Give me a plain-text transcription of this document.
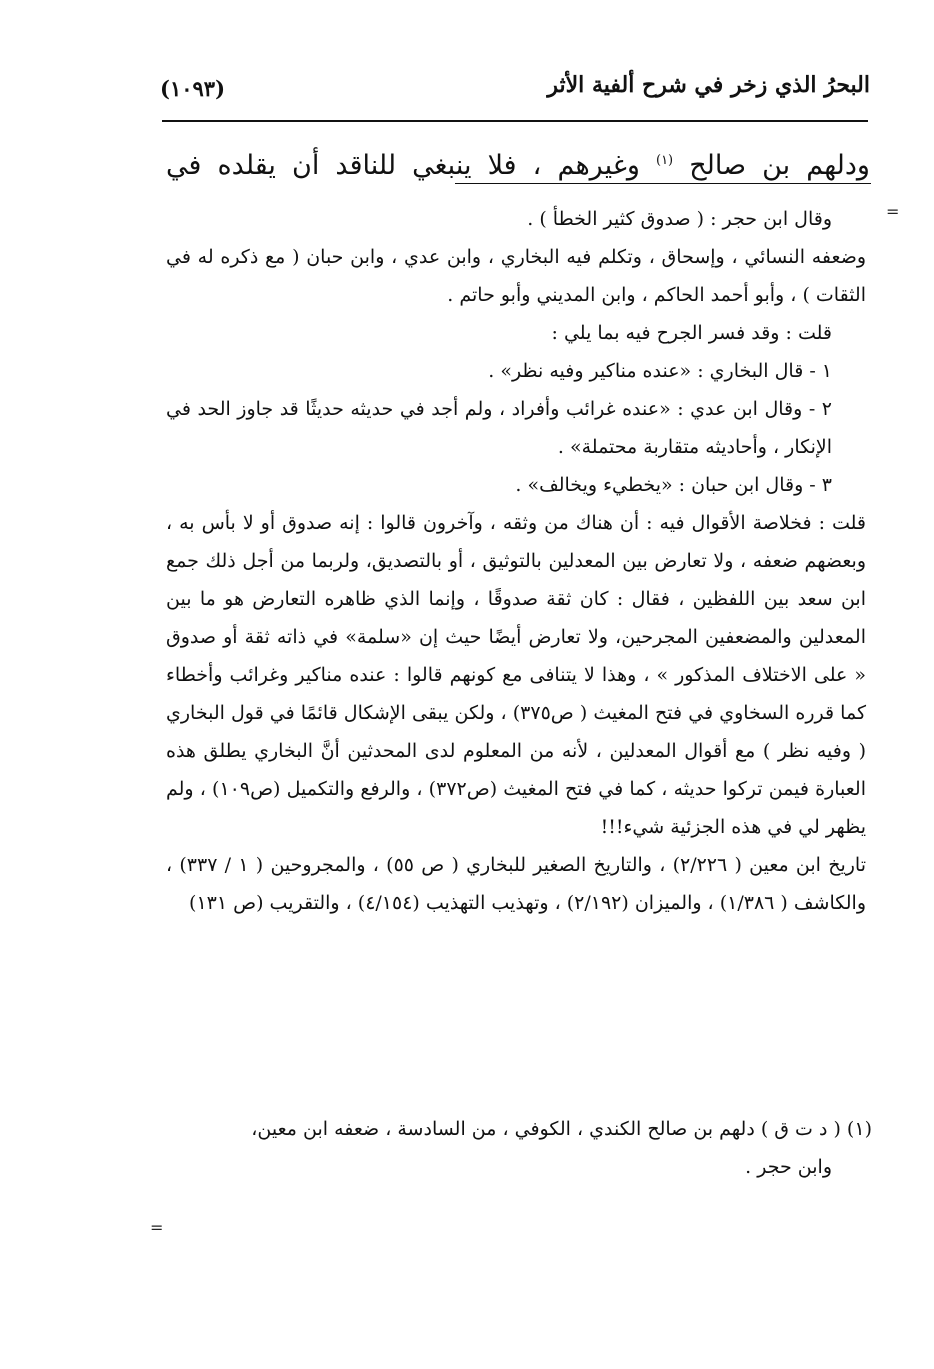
البحرُ الذي زخر في شرح ألفية الأثر
(١٠٩٣)
ودلهم بن صالح $^{(١)}$ وغيرهم ، فلا ينبغي للناقد أن يقلده في

وقال ابن حجر : ( صدوق كثير الخطأ ) .

وضعفه النسائي ، وإسحاق ، وتكلم فيه البخاري ، وابن عدي ، وابن حبان ( مع ذكره له في الثقات ) ، وأبو أحمد الحاكم ، وابن المديني وأبو حاتم .

قلت : وقد فسر الجرح فيه بما يلي :

١ - قال البخاري : «عنده مناكير وفيه نظر» .

٢ - وقال ابن عدي : «عنده غرائب وأفراد ، ولم أجد في حديثه حديثًا قد جاوز الحد في الإنكار ، وأحاديثه متقاربة محتملة» .

٣ - وقال ابن حبان : «يخطيء ويخالف» .

قلت : فخلاصة الأقوال فيه : أن هناك من وثقه ، وآخرون قالوا : إنه صدوق أو لا بأس به ، وبعضهم ضعفه ، ولا تعارض بين المعدلين بالتوثيق ، أو بالتصديق، ولربما من أجل ذلك جمع ابن سعد بين اللفظين ، فقال : كان ثقة صدوقًا ، وإنما الذي ظاهره التعارض هو ما بين المعدلين والمضعفين المجرحين، ولا تعارض أيضًا حيث إن «سلمة» في ذاته ثقة أو صدوق « على الاختلاف المذكور » ، وهذا لا يتنافى مع كونهم قالوا : عنده مناكير وغرائب وأخطاء كما قرره السخاوي في فتح المغيث ( ص٣٧٥) ، ولكن يبقى الإشكال قائمًا في قول البخاري ( وفيه نظر ) مع أقوال المعدلين ، لأنه من المعلوم لدى المحدثين أنَّ البخاري يطلق هذه العبارة فيمن تركوا حديثه ، كما في فتح المغيث (ص٣٧٢) ، والرفع والتكميل (ص١٠٩) ، ولم يظهر لي في هذه الجزئية شيء!!!

تاريخ ابن معين ( ٢/٢٢٦) ، والتاريخ الصغير للبخاري ( ص ٥٥) ، والمجروحين ( ١ / ٣٣٧) ، والكاشف ( ١/٣٨٦) ، والميزان (٢/١٩٢) ، وتهذيب التهذيب (٤/١٥٤) ، والتقريب (ص ١٣١)

(١) ( د ت ق ) دلهم بن صالح الكندي ، الكوفي ، من السادسة ، ضعفه ابن معين،

وابن حجر .

=
=
